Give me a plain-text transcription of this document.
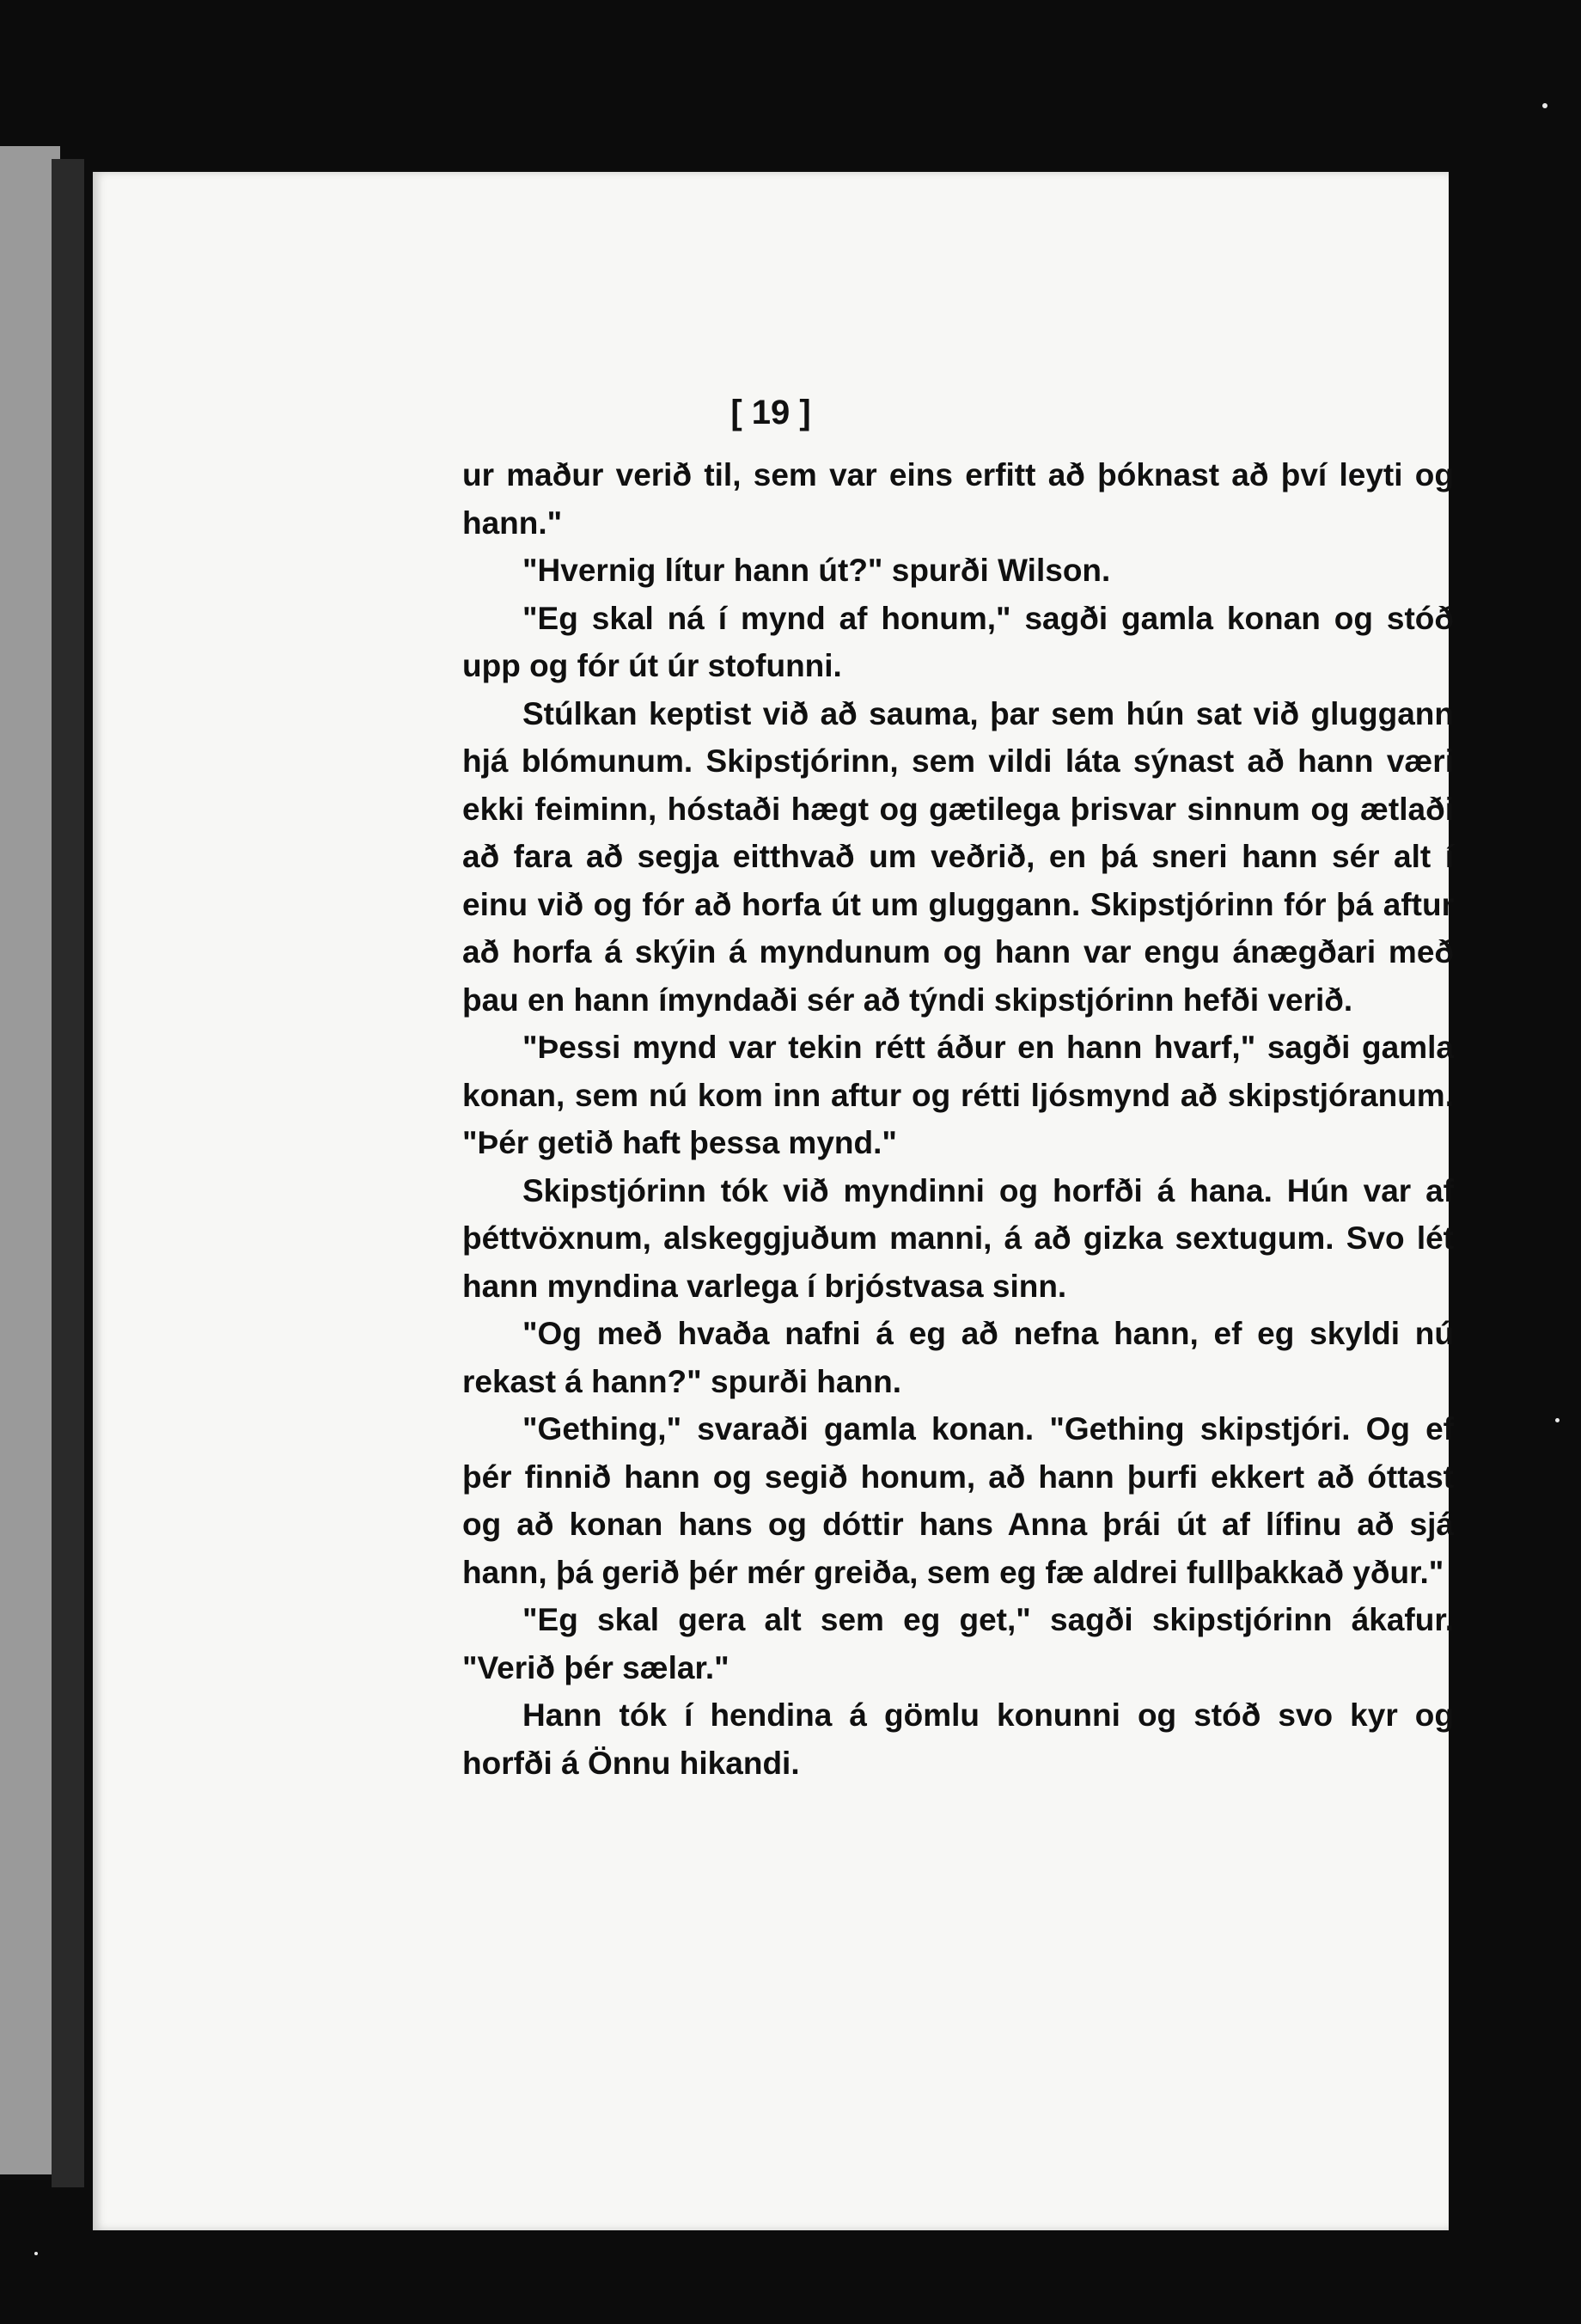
[ 19 ]

ur maður verið til, sem var eins erfitt að þóknast að því leyti og hann."

"Hvernig lítur hann út?" spurði Wilson.

"Eg skal ná í mynd af honum," sagði gamla konan og stóð upp og fór út úr stofunni.

Stúlkan keptist við að sauma, þar sem hún sat við gluggann hjá blómunum. Skipstjórinn, sem vildi láta sýnast að hann væri ekki feiminn, hóstaði hægt og gætilega þrisvar sinnum og ætlaði að fara að segja eitthvað um veðrið, en þá sneri hann sér alt í einu við og fór að horfa út um gluggann. Skipstjórinn fór þá aftur að horfa á skýin á myndunum og hann var engu ánægðari með þau en hann ímyndaði sér að týndi skipstjórinn hefði verið.

"Þessi mynd var tekin rétt áður en hann hvarf," sagði gamla konan, sem nú kom inn aftur og rétti ljósmynd að skipstjóranum. "Þér getið haft þessa mynd."

Skipstjórinn tók við myndinni og horfði á hana. Hún var af þéttvöxnum, alskeggjuðum manni, á að gizka sextugum. Svo lét hann myndina varlega í brjóstvasa sinn.

"Og með hvaða nafni á eg að nefna hann, ef eg skyldi nú rekast á hann?" spurði hann.

"Gething," svaraði gamla konan. "Gething skipstjóri. Og ef þér finnið hann og segið honum, að hann þurfi ekkert að óttast og að konan hans og dóttir hans Anna þrái út af lífinu að sjá hann, þá gerið þér mér greiða, sem eg fæ aldrei fullþakkað yður."

"Eg skal gera alt sem eg get," sagði skipstjórinn ákafur. "Verið þér sælar."

Hann tók í hendina á gömlu konunni og stóð svo kyr og horfði á Önnu hikandi.
